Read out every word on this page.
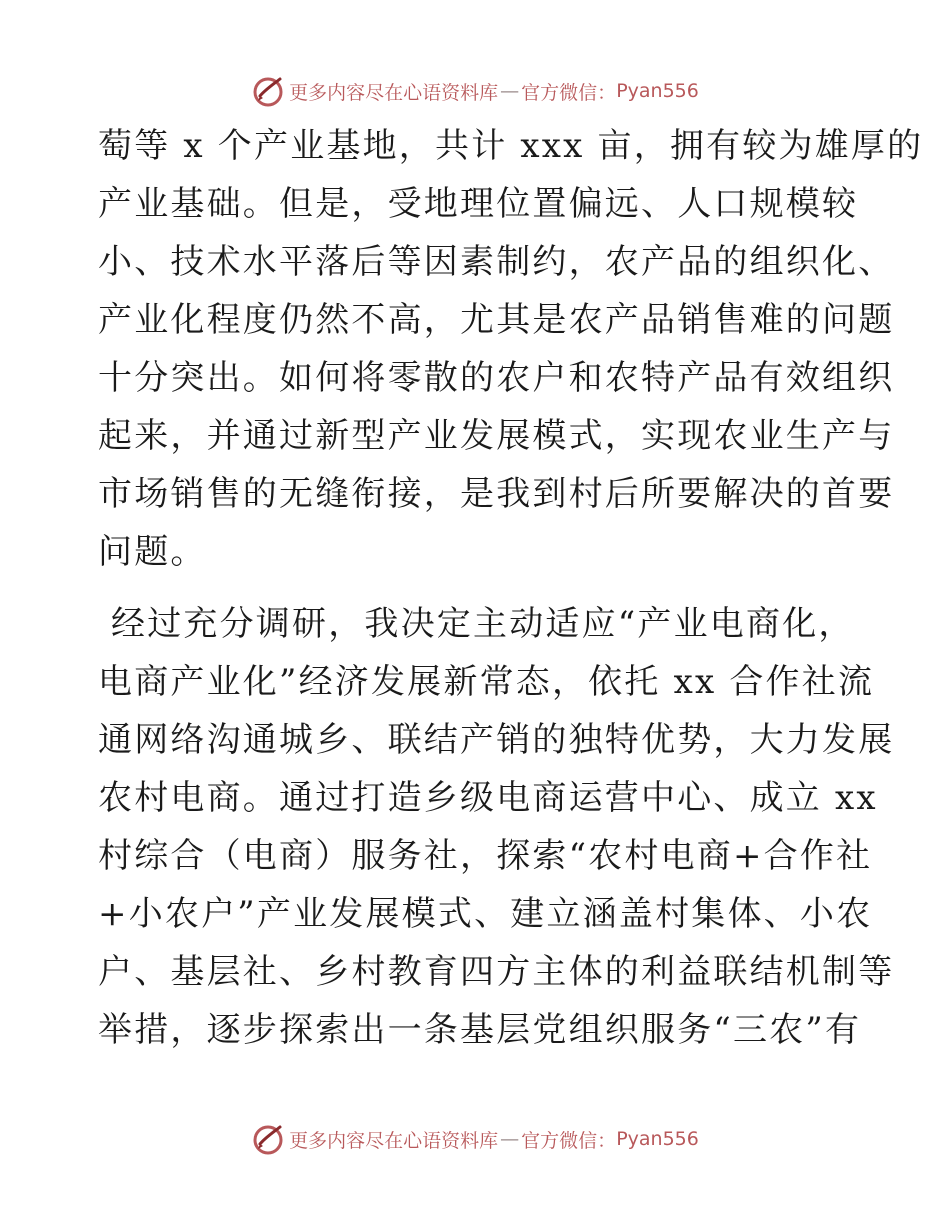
更多内容尽在心语资料库 — 官方微信： Pyan556
萄等 x 个产业基地，共计 xxx 亩，拥有较为雄厚的
产业基础。但是，受地理位置偏远、人口规模较
小、技术水平落后等因素制约，农产品的组织化、
产业化程度仍然不高，尤其是农产品销售难的问题
十分突出。如何将零散的农户和农特产品有效组织
起来，并通过新型产业发展模式，实现农业生产与
市场销售的无缝衔接，是我到村后所要解决的首要
问题。
经过充分调研，我决定主动适应“产业电商化，
电商产业化”经济发展新常态，依托 xx 合作社流
通网络沟通城乡、联结产销的独特优势，大力发展
农村电商。通过打造乡级电商运营中心、成立 xx
村综合（电商）服务社，探索“农村电商+合作社
+小农户”产业发展模式、建立涵盖村集体、小农
户、基层社、乡村教育四方主体的利益联结机制等
举措，逐步探索出一条基层党组织服务“三农”有
更多内容尽在心语资料库 — 官方微信： Pyan556
